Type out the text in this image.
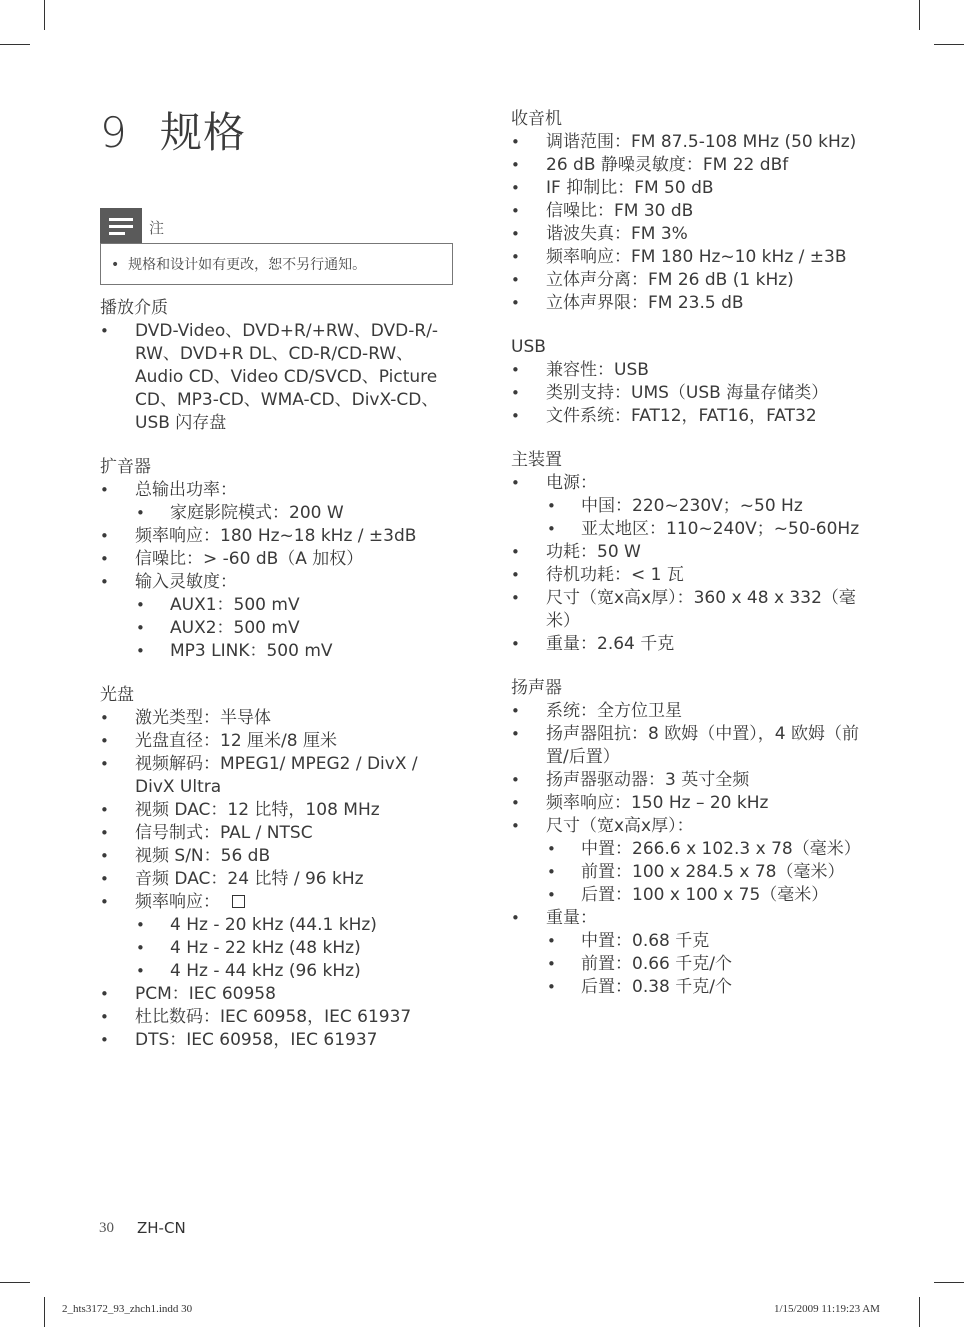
9 规格
注
•  规格和设计如有更改，恕不另行通知。
播放介质
• DVD-Video、DVD+R/+RW、DVD-R/-RW、DVD+R DL、CD-R/CD-RW、Audio CD、Video CD/SVCD、Picture CD、MP3-CD、WMA-CD、DivX-CD、USB 闪存盘
扩音器
• 总输出功率：
• 家庭影院模式：200 W
• 频率响应：180 Hz~18 kHz / ±3dB
• 信噪比：> -60 dB（A 加权）
• 输入灵敏度：
• AUX1：500 mV
• AUX2：500 mV
• MP3 LINK：500 mV
光盘
• 激光类型：半导体
• 光盘直径：12 厘米/8 厘米
• 视频解码：MPEG1/ MPEG2 / DivX / DivX Ultra
• 视频 DAC：12 比特，108 MHz
• 信号制式：PAL / NTSC
• 视频 S/N：56 dB
• 音频 DAC：24 比特 / 96 kHz
• 频率响应：
• 4 Hz - 20 kHz (44.1 kHz)
• 4 Hz - 22 kHz (48 kHz)
• 4 Hz - 44 kHz (96 kHz)
• PCM：IEC 60958
• 杜比数码：IEC 60958，IEC 61937
• DTS：IEC 60958，IEC 61937
收音机
• 调谐范围：FM 87.5-108 MHz (50 kHz)
• 26 dB 静噪灵敏度：FM 22 dBf
• IF 抑制比：FM 50 dB
• 信噪比：FM 30 dB
• 谐波失真：FM 3%
• 频率响应：FM 180 Hz~10 kHz / ±3B
• 立体声分离：FM 26 dB (1 kHz)
• 立体声界限：FM 23.5 dB
USB
• 兼容性：USB
• 类别支持：UMS（USB 海量存储类）
• 文件系统：FAT12，FAT16，FAT32
主装置
• 电源：
• 中国：220~230V；~50 Hz
• 亚太地区：110~240V；~50-60Hz
• 功耗：50 W
• 待机功耗：< 1 瓦
• 尺寸（宽x高x厚）：360 x 48 x 332（毫米）
• 重量：2.64 千克
扬声器
• 系统：全方位卫星
• 扬声器阻抗：8 欧姆（中置），4 欧姆（前置/后置）
• 扬声器驱动器：3 英寸全频
• 频率响应：150 Hz – 20 kHz
• 尺寸（宽x高x厚）：
• 中置：266.6 x 102.3 x 78（毫米）
• 前置：100 x 284.5 x 78（毫米）
• 后置：100 x 100 x 75（毫米）
• 重量：
• 中置：0.68 千克
• 前置：0.66 千克/个
• 后置：0.38 千克/个
30 ZH-CN
2_hts3172_93_zhch1.indd 30	1/15/2009 11:19:23 AM
